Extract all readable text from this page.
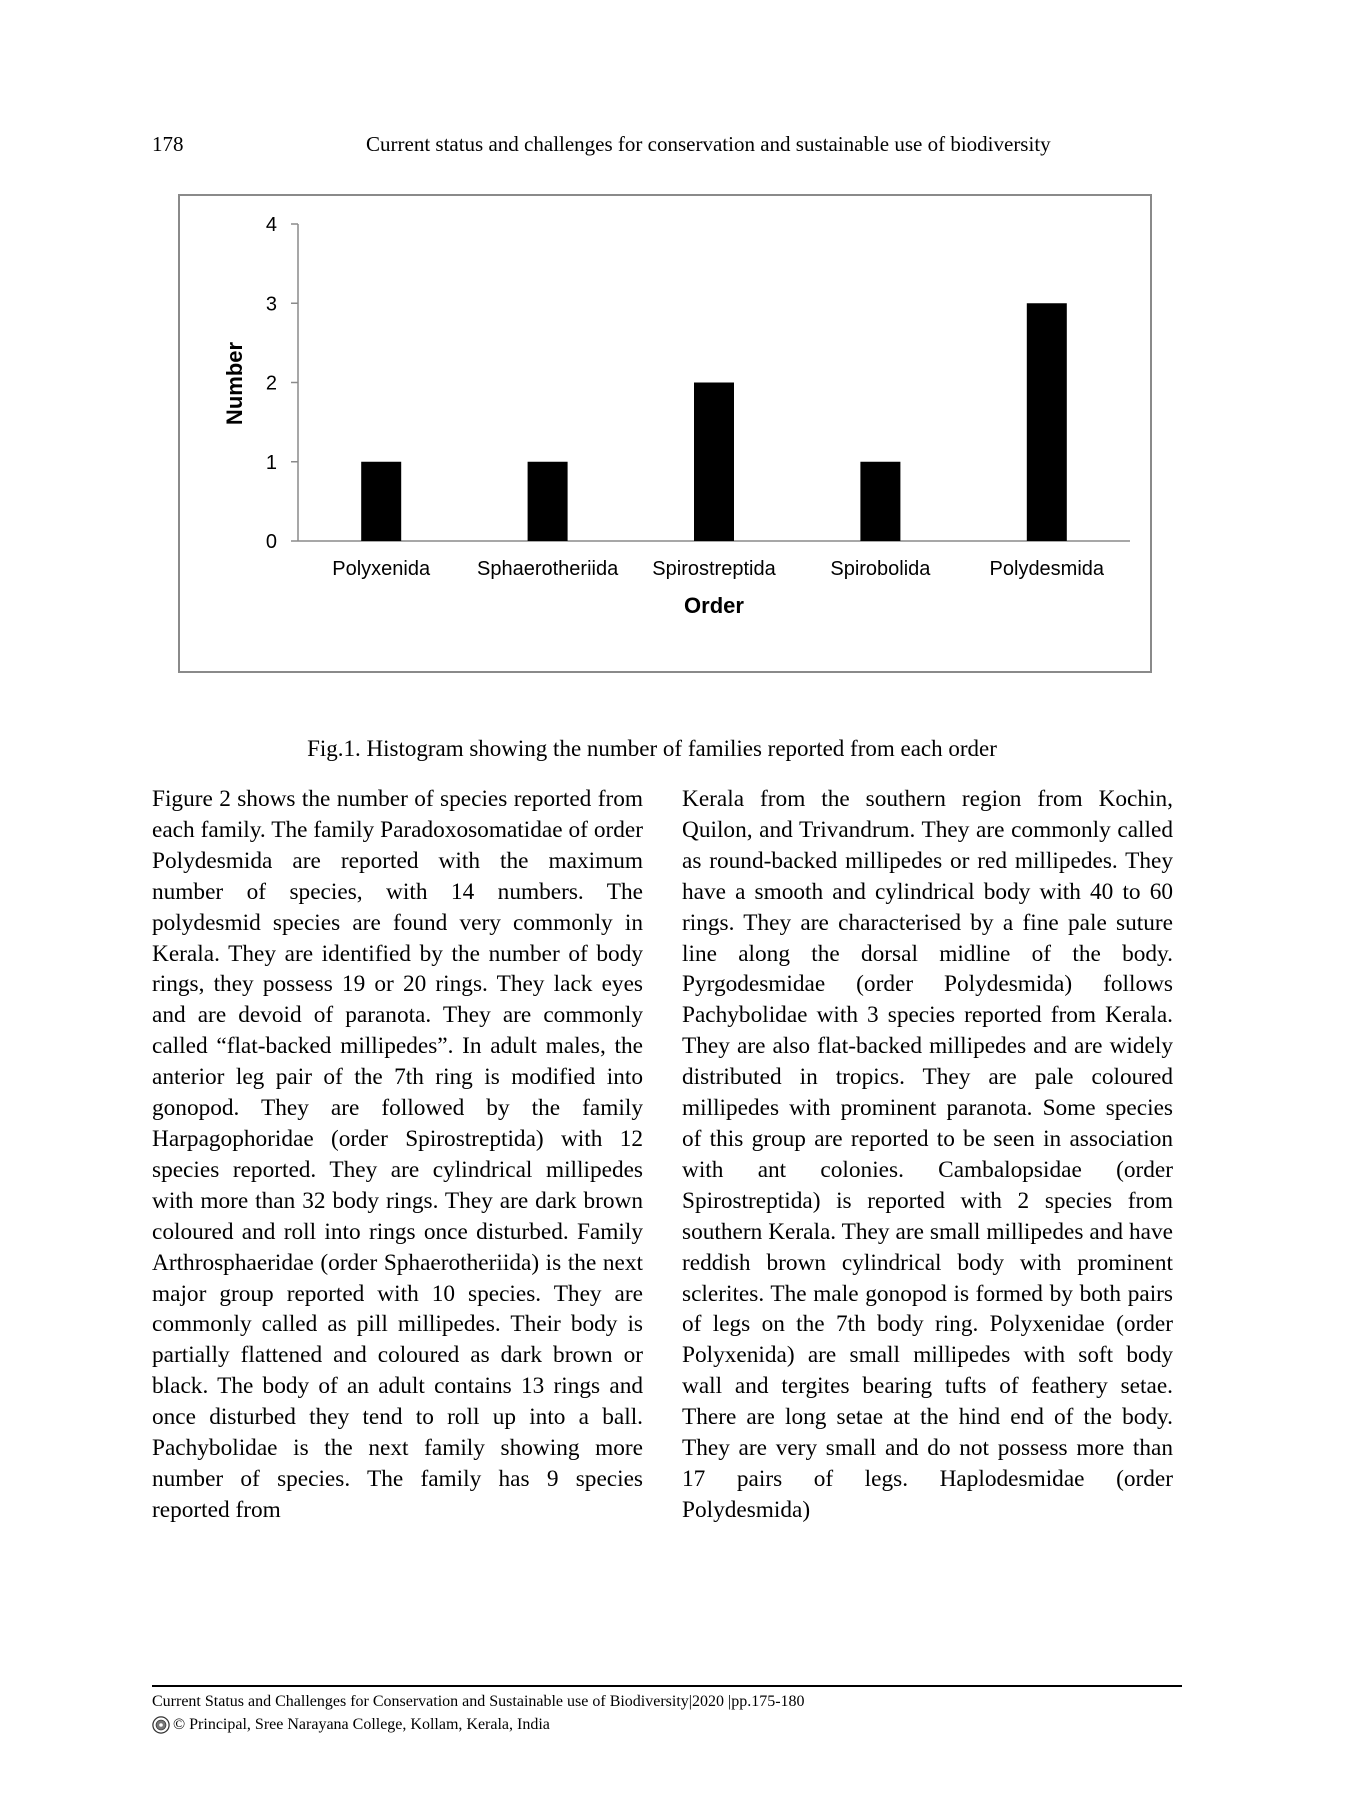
178	Current status and challenges for conservation and sustainable use of biodiversity
0
1
2
3
4
Polyxenida Sphaerotheriida Spirostreptida	Spirobolida	Polydesmida
Number
Order
Fig.1. Histogram showing the number of families reported from each order
Figure 2 shows the number of species reported from each family. The family Paradoxosomatidae of order Polydesmida are reported with the maximum number of species, with 14 numbers. The polydesmid species are found very commonly in Kerala. They are identified by the number of body rings, they possess 19 or 20 rings. They lack eyes and are devoid of paranota. They are commonly called “flat-backed millipedes”. In adult males, the anterior leg pair of the 7th ring is modified into gonopod. They are followed by the family Harpagophoridae (order Spirostreptida) with 12 species reported. They are cylindrical millipedes with more than 32 body rings. They are dark brown coloured and roll into rings once disturbed. Family Arthrosphaeridae (order Sphaerotheriida) is the next major group reported with 10 species. They are commonly called as pill millipedes. Their body is partially flattened and coloured as dark brown or black. The body of an adult contains 13 rings and once disturbed they tend to roll up into a ball. Pachybolidae is the next family showing more number of species. The family has 9 species reported from
Kerala from the southern region from Kochin, Quilon, and Trivandrum. They are commonly called as round-backed millipedes or red millipedes. They have a smooth and cylindrical body with 40 to 60 rings. They are characterised by a fine pale suture line along the dorsal midline of the body. Pyrgodesmidae (order Polydesmida) follows Pachybolidae with 3 species reported from Kerala. They are also flat-backed millipedes and are widely distributed in tropics. They are pale coloured millipedes with prominent paranota. Some species of this group are reported to be seen in association with ant colonies. Cambalopsidae (order Spirostreptida) is reported with 2 species from southern Kerala. They are small millipedes and have reddish brown cylindrical body with prominent sclerites. The male gonopod is formed by both pairs of legs on the 7th body ring. Polyxenidae (order Polyxenida) are small millipedes with soft body wall and tergites bearing tufts of feathery setae. There are long setae at the hind end of the body. They are very small and do not possess more than 17 pairs of legs. Haplodesmidae (order Polydesmida)
Current Status and Challenges for Conservation and Sustainable use of Biodiversity|2020 |pp.175-180
© Principal, Sree Narayana College, Kollam, Kerala, India
